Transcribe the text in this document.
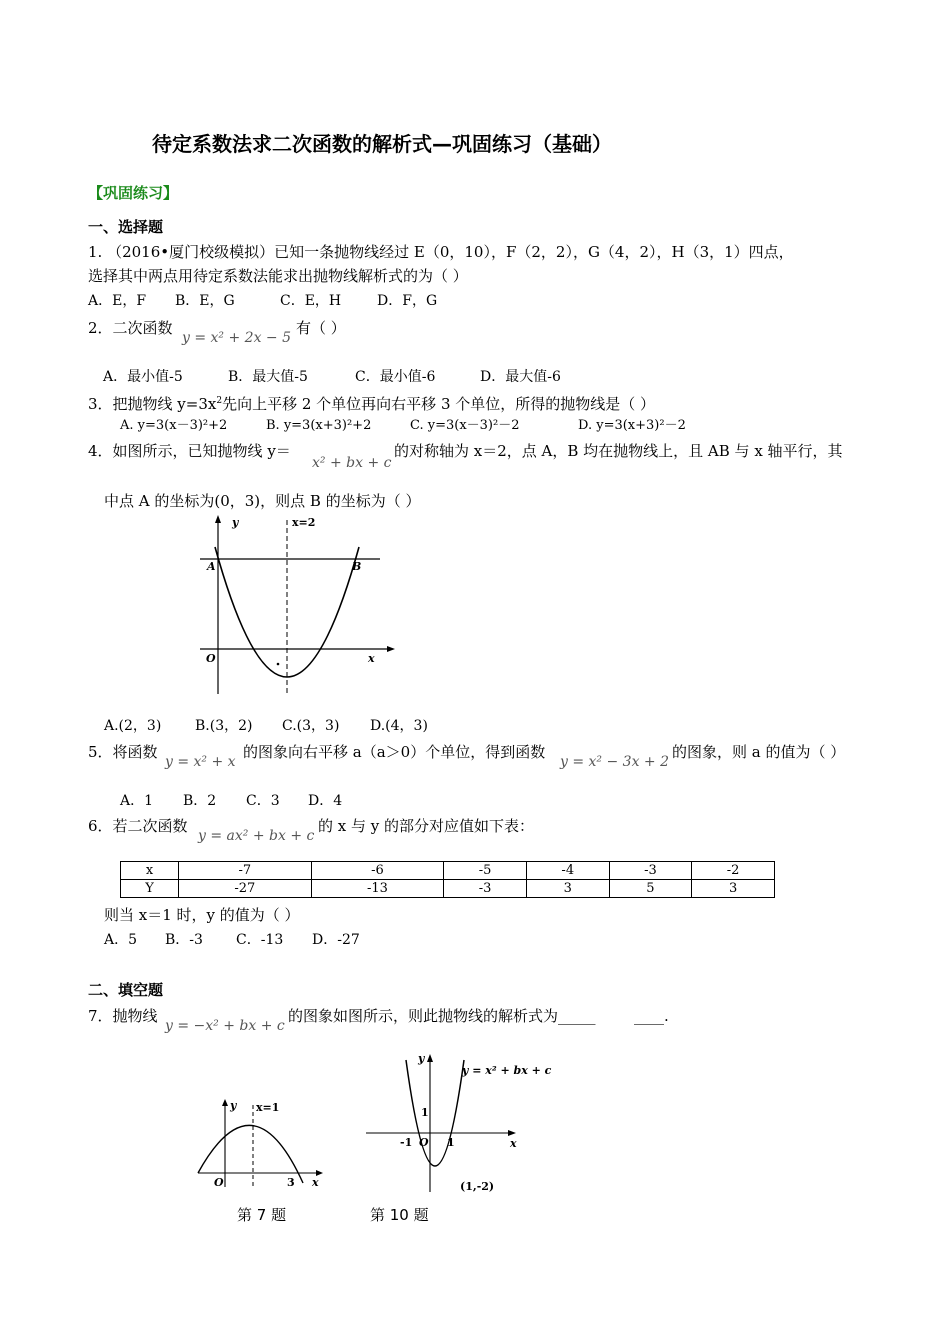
待定系数法求二次函数的解析式—巩固练习（基础）
【巩固练习】
一、选择题
1. （2016•厦门校级模拟）已知一条抛物线经过 E（0，10），F（2，2），G（4，2），H（3，1）四点，
选择其中两点用待定系数法能求出抛物线解析式的为（ ）
A．E，F B．E，G	C．E，H	D．F，G
2．二次函数
y = x² + 2x − 5
有（ ）
A．最小值-5	B．最大值-5	C．最小值-6	D．最大值-6
3．把抛物线 $y=3x^2$先向上平移 2 个单位再向右平移 3 个单位，所得的抛物线是（ ）
A. y=3(x－3)²+2	B. y=3(x+3)²+2	C. y=3(x－3)²－2	D. y=3(x+3)²－2
4．如图所示，已知抛物线 y＝
x² + bx + c
的对称轴为 x＝2，点 A，B 均在抛物线上，且 AB 与 x 轴平行，其
中点 A 的坐标为(0，3)，则点 B 的坐标为（ ）
y	x=2
A	B
O	x
A.(2，3) B.(3，2) C.(3，3) D.(4，3)
5．将函数
y = x² + x
的图象向右平移 a（a＞0）个单位，得到函数
y = x² − 3x + 2
的图象，则 a 的值为（ ）
A．1 B．2 C．3 D．4
6．若二次函数
y = ax² + bx + c
的 x 与 y 的部分对应值如下表：
x	-7	-6	-5	-4	-3	-2
Y	-27	-13	-3	3	5	3
则当 x＝1 时，y 的值为（ ）
A．5 B．-3 C．-13 D．-27
二、填空题
7．抛物线
y = −x² + bx + c
的图象如图所示，则此抛物线的解析式为_____	____.
y x=1
O	3 x
y
y = x² + bx + c
1
-1 O 1	x
(1,-2)
第 7 题	第 10 题
